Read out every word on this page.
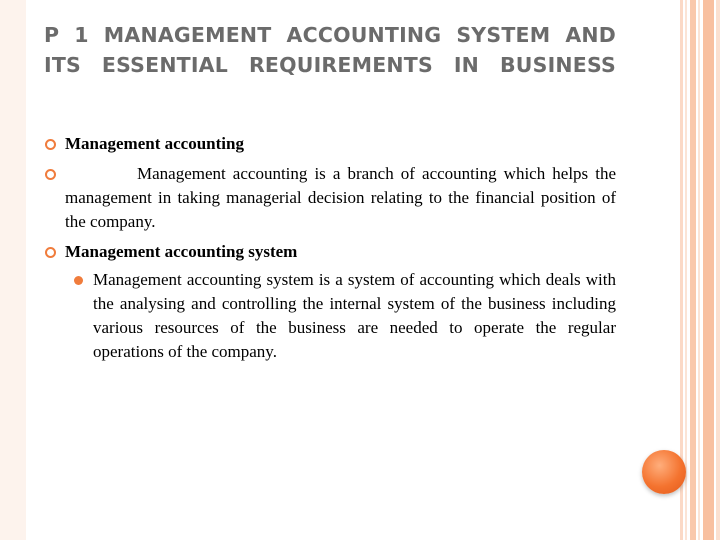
P 1 MANAGEMENT ACCOUNTING SYSTEM AND ITS ESSENTIAL REQUIREMENTS IN BUSINESS
Management accounting
Management accounting is a branch of accounting which helps the management in taking managerial decision relating to the financial position of the company.
Management accounting system
Management accounting system is a system of accounting which deals with the analysing and controlling the internal system of the business including various resources of the business are needed to operate the regular operations of the company.
